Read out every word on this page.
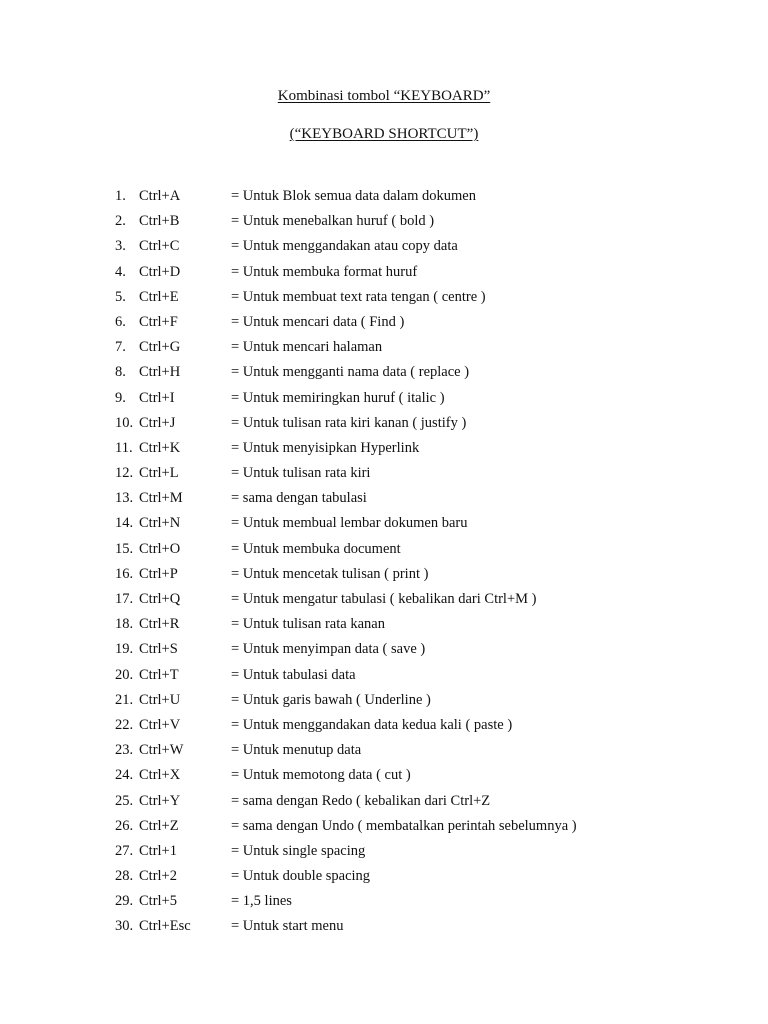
Kombinasi tombol “KEYBOARD”
(“KEYBOARD SHORTCUT”)
1. Ctrl+A	= Untuk Blok semua data dalam dokumen
2. Ctrl+B	= Untuk menebalkan huruf ( bold )
3. Ctrl+C	= Untuk menggandakan atau copy data
4. Ctrl+D	= Untuk membuka format huruf
5. Ctrl+E	= Untuk membuat text rata tengan ( centre )
6. Ctrl+F	= Untuk mencari data ( Find )
7. Ctrl+G	= Untuk mencari halaman
8. Ctrl+H	= Untuk mengganti nama data ( replace )
9. Ctrl+I	= Untuk memiringkan huruf ( italic )
10. Ctrl+J	= Untuk tulisan rata kiri kanan ( justify )
11. Ctrl+K	= Untuk menyisipkan Hyperlink
12. Ctrl+L	= Untuk tulisan rata kiri
13. Ctrl+M	= sama dengan tabulasi
14. Ctrl+N	= Untuk membual lembar dokumen baru
15. Ctrl+O	= Untuk membuka document
16. Ctrl+P	= Untuk mencetak tulisan ( print )
17. Ctrl+Q	= Untuk mengatur tabulasi ( kebalikan dari Ctrl+M )
18. Ctrl+R	= Untuk tulisan rata kanan
19. Ctrl+S	= Untuk menyimpan data ( save )
20. Ctrl+T	= Untuk tabulasi data
21. Ctrl+U	= Untuk garis bawah ( Underline )
22. Ctrl+V	= Untuk menggandakan data kedua kali ( paste )
23. Ctrl+W	= Untuk menutup data
24. Ctrl+X	= Untuk memotong data ( cut )
25. Ctrl+Y	= sama dengan Redo ( kebalikan dari Ctrl+Z
26. Ctrl+Z	= sama dengan Undo ( membatalkan perintah sebelumnya )
27. Ctrl+1	= Untuk single spacing
28. Ctrl+2	= Untuk double spacing
29. Ctrl+5	= 1,5 lines
30. Ctrl+Esc	= Untuk start menu
